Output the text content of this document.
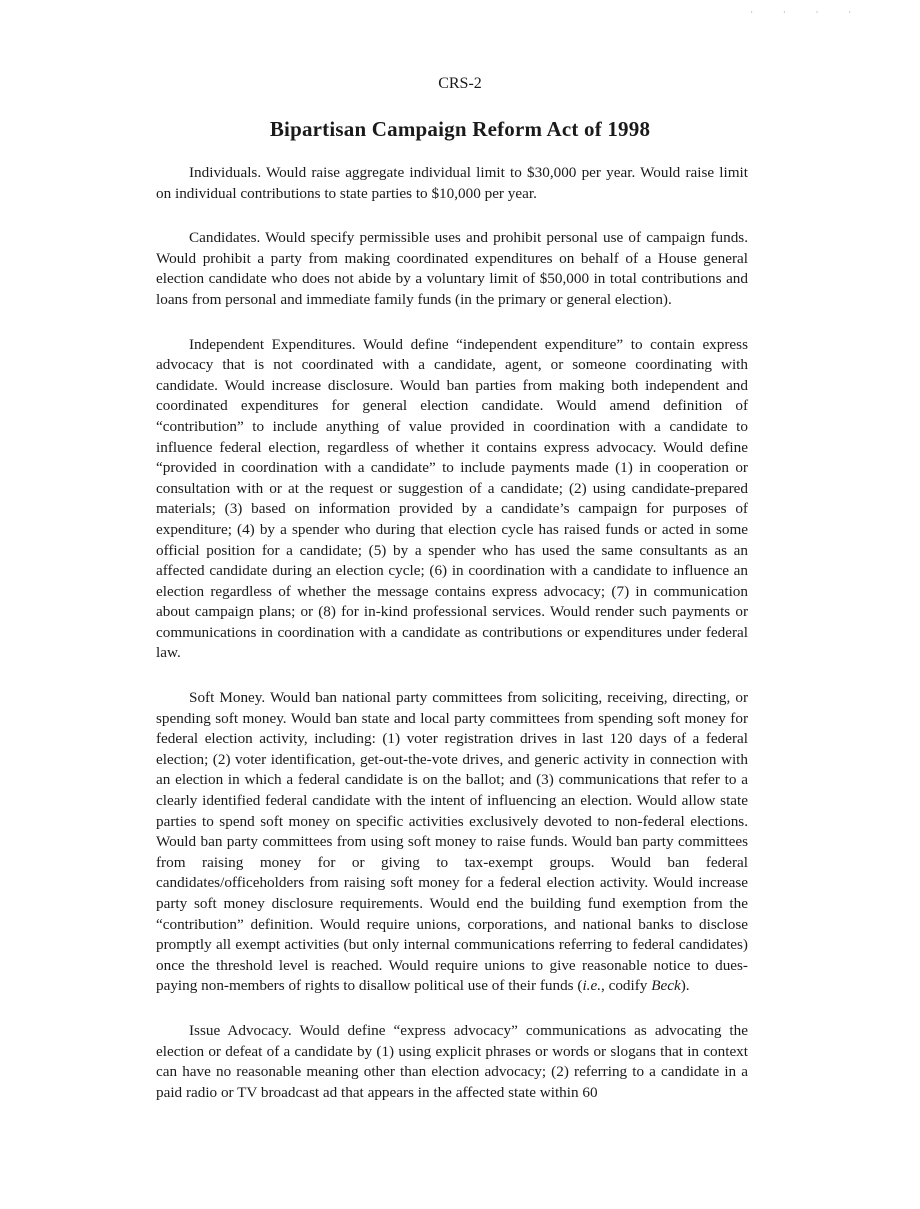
· · · ·
CRS-2
Bipartisan Campaign Reform Act of 1998

Individuals. Would raise aggregate individual limit to $30,000 per year. Would raise limit on individual contributions to state parties to $10,000 per year.

Candidates. Would specify permissible uses and prohibit personal use of campaign funds. Would prohibit a party from making coordinated expenditures on behalf of a House general election candidate who does not abide by a voluntary limit of $50,000 in total contributions and loans from personal and immediate family funds (in the primary or general election).

Independent Expenditures. Would define “independent expenditure” to contain express advocacy that is not coordinated with a candidate, agent, or someone coordinating with candidate. Would increase disclosure. Would ban parties from making both independent and coordinated expenditures for general election candidate. Would amend definition of “contribution” to include anything of value provided in coordination with a candidate to influence federal election, regardless of whether it contains express advocacy. Would define “provided in coordination with a candidate” to include payments made (1) in cooperation or consultation with or at the request or suggestion of a candidate; (2) using candidate-prepared materials; (3) based on information provided by a candidate’s campaign for purposes of expenditure; (4) by a spender who during that election cycle has raised funds or acted in some official position for a candidate; (5) by a spender who has used the same consultants as an affected candidate during an election cycle; (6) in coordination with a candidate to influence an election regardless of whether the message contains express advocacy; (7) in communication about campaign plans; or (8) for in-kind professional services. Would render such payments or communications in coordination with a candidate as contributions or expenditures under federal law.

Soft Money. Would ban national party committees from soliciting, receiving, directing, or spending soft money. Would ban state and local party committees from spending soft money for federal election activity, including: (1) voter registration drives in last 120 days of a federal election; (2) voter identification, get-out-the-vote drives, and generic activity in connection with an election in which a federal candidate is on the ballot; and (3) communications that refer to a clearly identified federal candidate with the intent of influencing an election. Would allow state parties to spend soft money on specific activities exclusively devoted to non-federal elections. Would ban party committees from using soft money to raise funds. Would ban party committees from raising money for or giving to tax-exempt groups. Would ban federal candidates/officeholders from raising soft money for a federal election activity. Would increase party soft money disclosure requirements. Would end the building fund exemption from the “contribution” definition. Would require unions, corporations, and national banks to disclose promptly all exempt activities (but only internal communications referring to federal candidates) once the threshold level is reached. Would require unions to give reasonable notice to dues-paying non-members of rights to disallow political use of their funds (i.e., codify Beck).

Issue Advocacy. Would define “express advocacy” communications as advocating the election or defeat of a candidate by (1) using explicit phrases or words or slogans that in context can have no reasonable meaning other than election advocacy; (2) referring to a candidate in a paid radio or TV broadcast ad that appears in the affected state within 60
